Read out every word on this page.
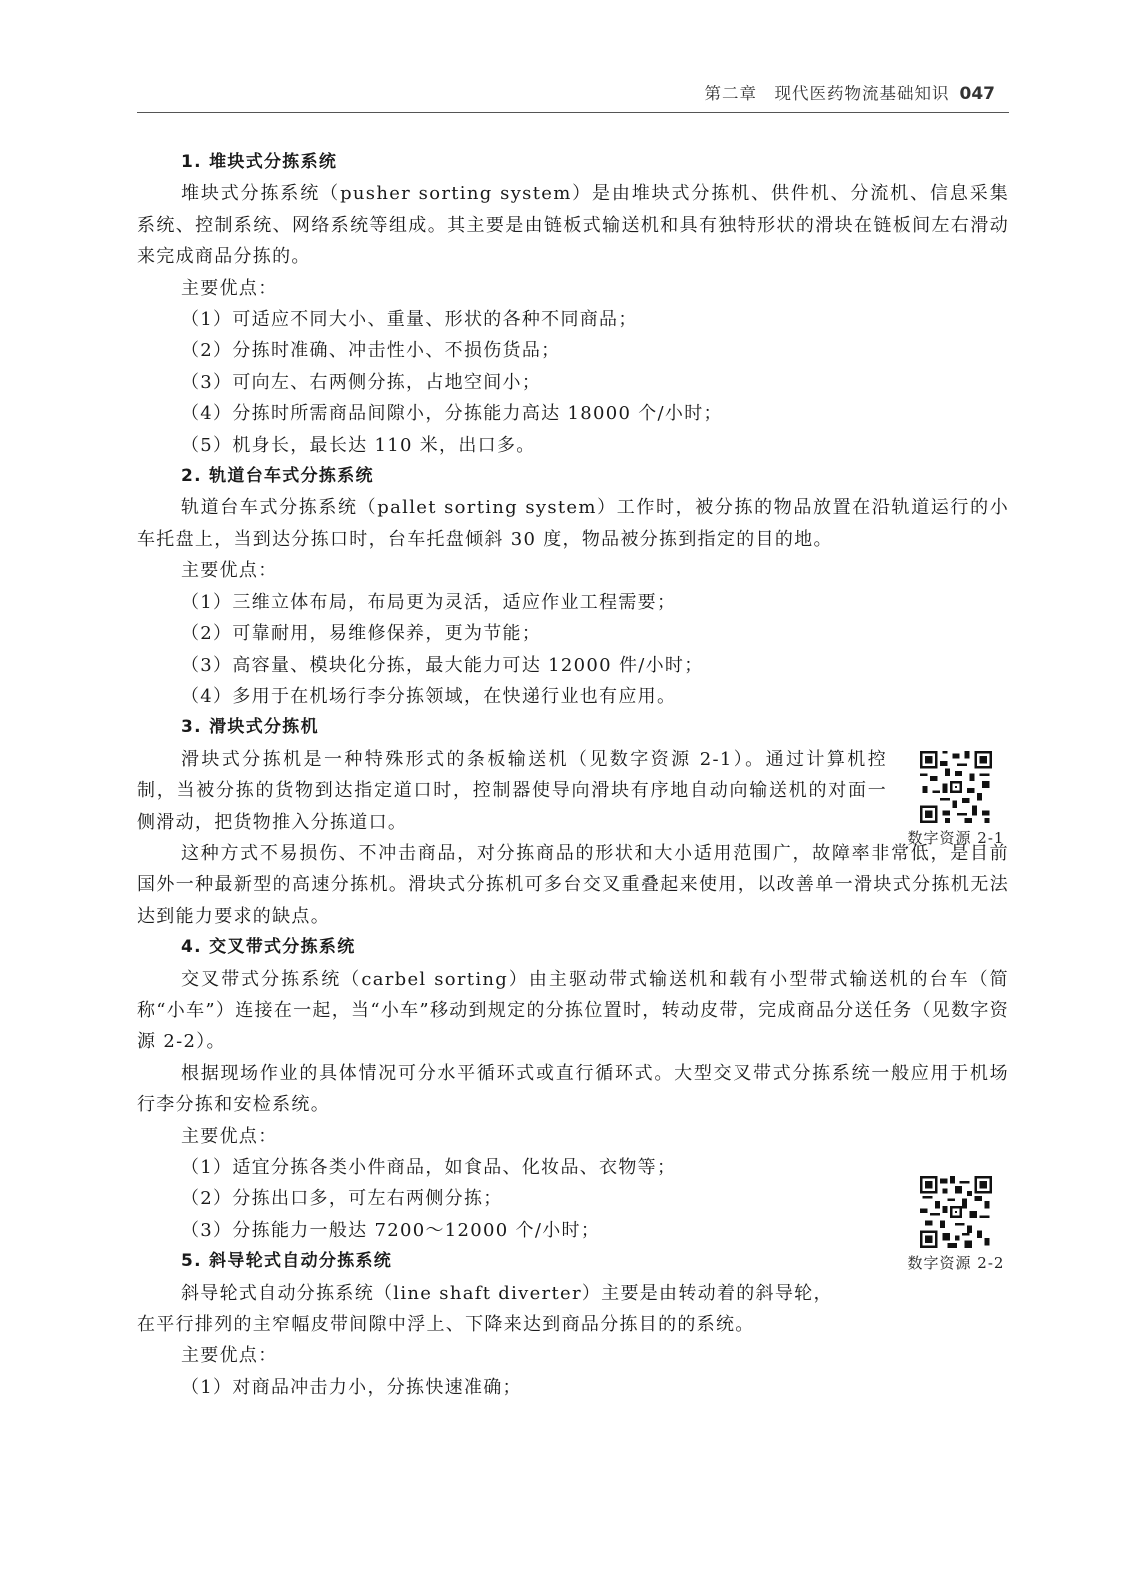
第二章　现代医药物流基础知识 047

1. 堆块式分拣系统

堆块式分拣系统（pusher sorting system）是由堆块式分拣机、供件机、分流机、信息采集系统、控制系统、网络系统等组成。其主要是由链板式输送机和具有独特形状的滑块在链板间左右滑动来完成商品分拣的。

主要优点：

（1）可适应不同大小、重量、形状的各种不同商品；

（2）分拣时准确、冲击性小、不损伤货品；

（3）可向左、右两侧分拣，占地空间小；

（4）分拣时所需商品间隙小，分拣能力高达 18000 个/小时；

（5）机身长，最长达 110 米，出口多。

2. 轨道台车式分拣系统

轨道台车式分拣系统（pallet sorting system）工作时，被分拣的物品放置在沿轨道运行的小车托盘上，当到达分拣口时，台车托盘倾斜 30 度，物品被分拣到指定的目的地。

主要优点：

（1）三维立体布局，布局更为灵活，适应作业工程需要；

（2）可靠耐用，易维修保养，更为节能；

（3）高容量、模块化分拣，最大能力可达 12000 件/小时；

（4）多用于在机场行李分拣领域，在快递行业也有应用。

3. 滑块式分拣机

滑块式分拣机是一种特殊形式的条板输送机（见数字资源 2-1）。通过计算机控制，当被分拣的货物到达指定道口时，控制器使导向滑块有序地自动向输送机的对面一侧滑动，把货物推入分拣道口。

这种方式不易损伤、不冲击商品，对分拣商品的形状和大小适用范围广，故障率非常低，是目前国外一种最新型的高速分拣机。滑块式分拣机可多台交叉重叠起来使用，以改善单一滑块式分拣机无法达到能力要求的缺点。

4. 交叉带式分拣系统

交叉带式分拣系统（carbel sorting）由主驱动带式输送机和载有小型带式输送机的台车（简称“小车”）连接在一起，当“小车”移动到规定的分拣位置时，转动皮带，完成商品分送任务（见数字资源 2-2）。

根据现场作业的具体情况可分水平循环式或直行循环式。大型交叉带式分拣系统一般应用于机场行李分拣和安检系统。

主要优点：

（1）适宜分拣各类小件商品，如食品、化妆品、衣物等；

（2）分拣出口多，可左右两侧分拣；

（3）分拣能力一般达 7200～12000 个/小时；

5. 斜导轮式自动分拣系统

斜导轮式自动分拣系统（line shaft diverter）主要是由转动着的斜导轮，

在平行排列的主窄幅皮带间隙中浮上、下降来达到商品分拣目的的系统。

主要优点：

（1）对商品冲击力小，分拣快速准确；

数字资源 2-1
数字资源 2-2
